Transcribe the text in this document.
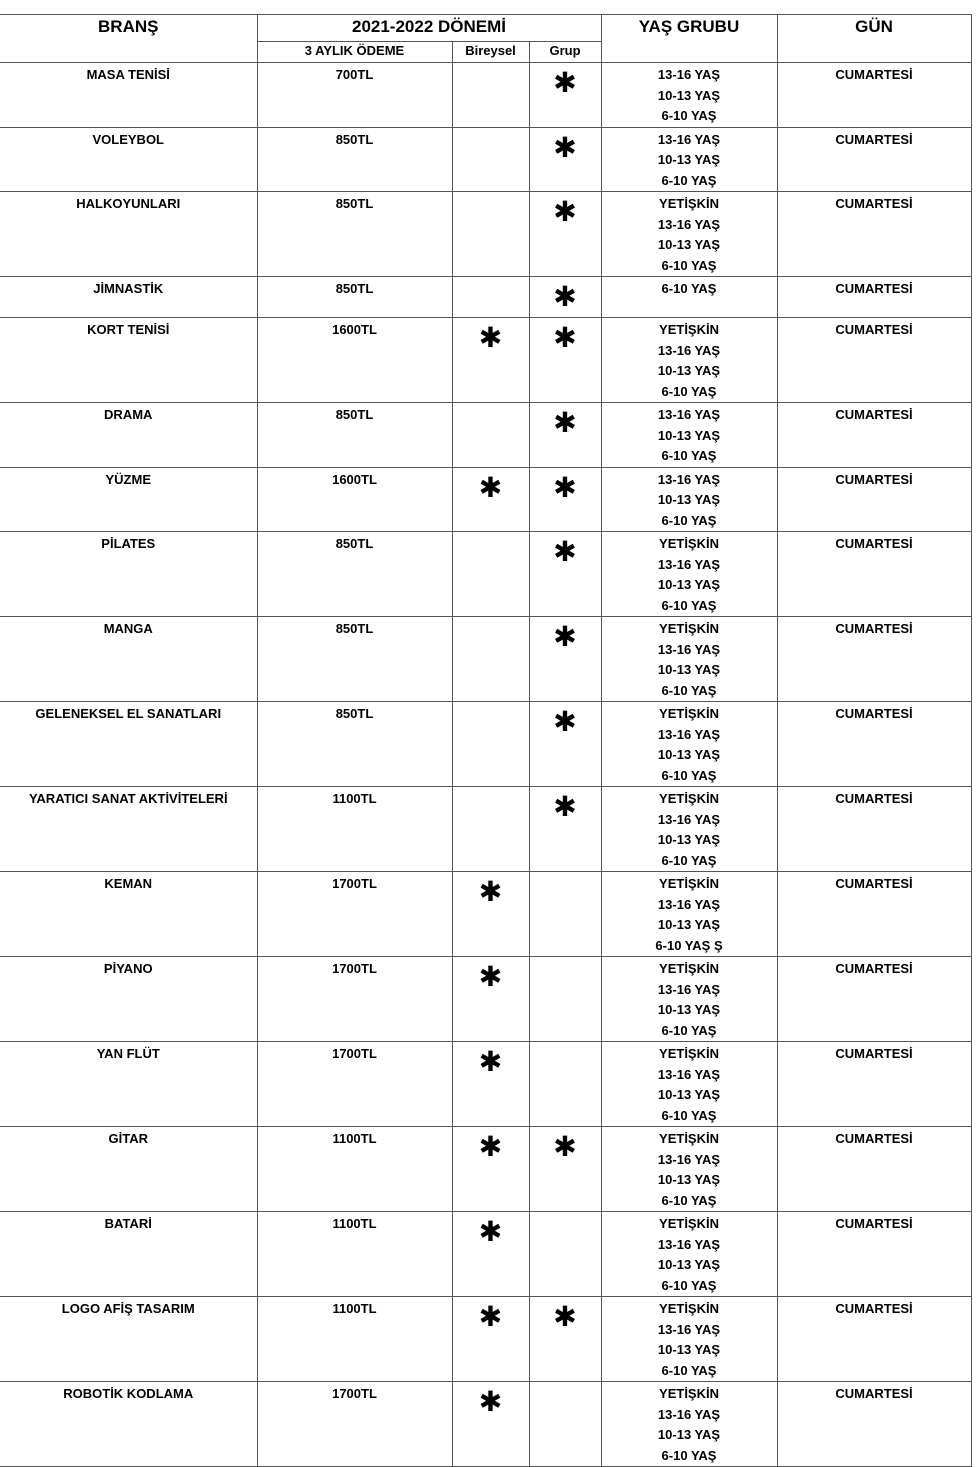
BRANŞ	2021-2022 DÖNEMİ			YAŞ GRUBU	GÜN
	3 AYLIK ÖDEME	Bireysel	Grup		
MASA TENİSİ	700TL		✱	13-16 YAŞ
10-13 YAŞ
6-10 YAŞ	CUMARTESİ
VOLEYBOL	850TL		✱	13-16 YAŞ
10-13 YAŞ
6-10 YAŞ	CUMARTESİ
HALKOYUNLARI	850TL		✱	YETİŞKİN
13-16 YAŞ
10-13 YAŞ
6-10 YAŞ	CUMARTESİ
JİMNASTİK	850TL		✱	6-10 YAŞ	CUMARTESİ
KORT TENİSİ	1600TL	✱	✱	YETİŞKİN
13-16 YAŞ
10-13 YAŞ
6-10 YAŞ	CUMARTESİ
DRAMA	850TL		✱	13-16 YAŞ
10-13 YAŞ
6-10 YAŞ	CUMARTESİ
YÜZME	1600TL	✱	✱	13-16 YAŞ
10-13 YAŞ
6-10 YAŞ	CUMARTESİ
PİLATES	850TL		✱	YETİŞKİN
13-16 YAŞ
10-13 YAŞ
6-10 YAŞ	CUMARTESİ
MANGA	850TL		✱	YETİŞKİN
13-16 YAŞ
10-13 YAŞ
6-10 YAŞ	CUMARTESİ
GELENEKSEL EL SANATLARI	850TL		✱	YETİŞKİN
13-16 YAŞ
10-13 YAŞ
6-10 YAŞ	CUMARTESİ
YARATICI SANAT AKTİVİTELERİ	1100TL		✱	YETİŞKİN
13-16 YAŞ
10-13 YAŞ
6-10 YAŞ	CUMARTESİ
KEMAN	1700TL	✱		YETİŞKİN
13-16 YAŞ
10-13 YAŞ
6-10 YAŞ Ş	CUMARTESİ
PİYANO	1700TL	✱		YETİŞKİN
13-16 YAŞ
10-13 YAŞ
6-10 YAŞ	CUMARTESİ
YAN FLÜT	1700TL	✱		YETİŞKİN
13-16 YAŞ
10-13 YAŞ
6-10 YAŞ	CUMARTESİ
GİTAR	1100TL	✱	✱	YETİŞKİN
13-16 YAŞ
10-13 YAŞ
6-10 YAŞ	CUMARTESİ
BATARİ	1100TL	✱		YETİŞKİN
13-16 YAŞ
10-13 YAŞ
6-10 YAŞ	CUMARTESİ
LOGO AFİŞ TASARIM	1100TL	✱	✱	YETİŞKİN
13-16 YAŞ
10-13 YAŞ
6-10 YAŞ	CUMARTESİ
ROBOTİK KODLAMA	1700TL	✱		YETİŞKİN
13-16 YAŞ
10-13 YAŞ
6-10 YAŞ	CUMARTESİ
